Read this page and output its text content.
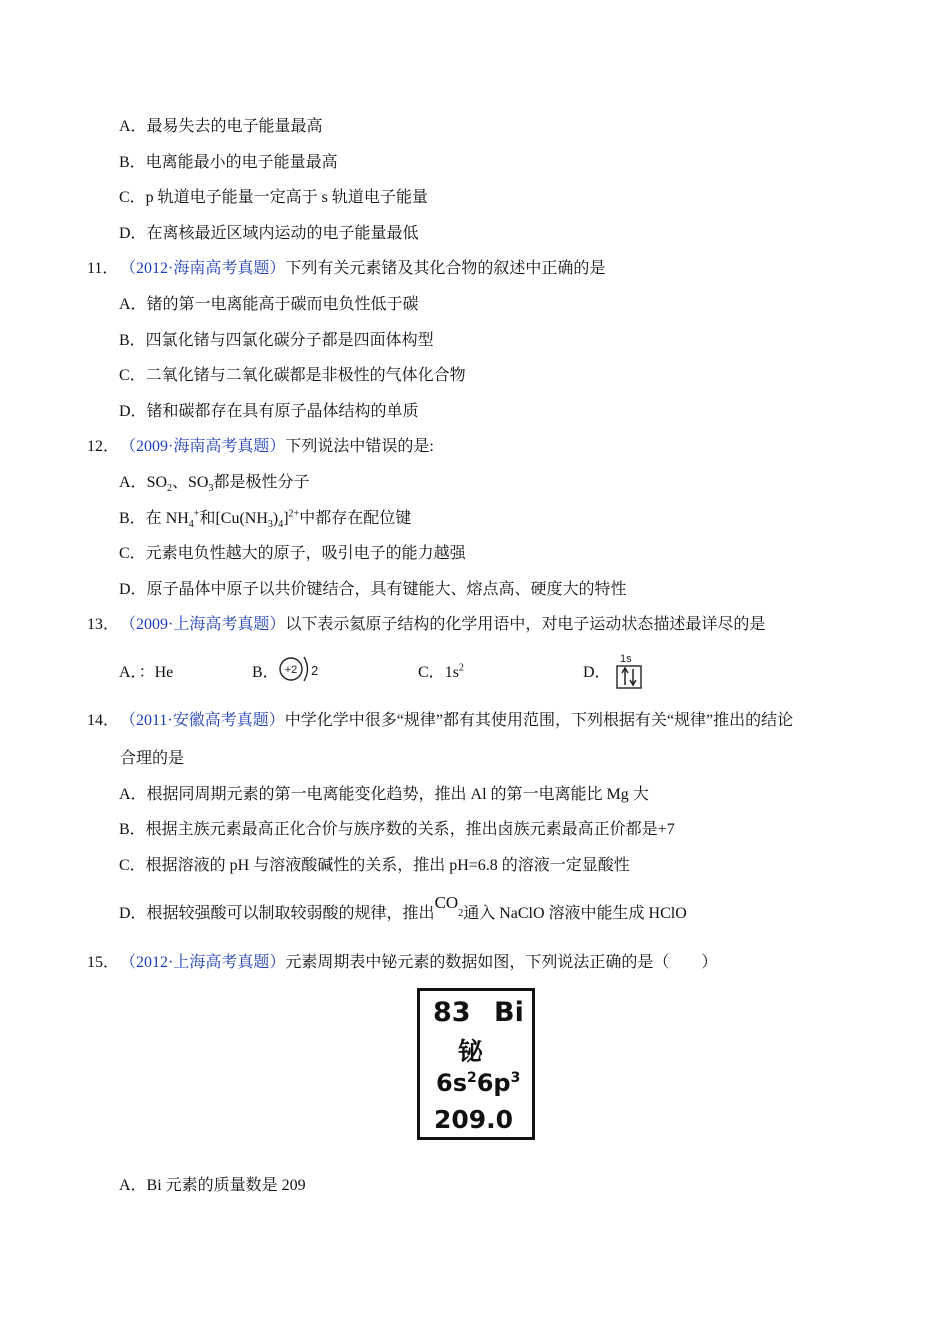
A．最易失去的电子能量最高
B．电离能最小的电子能量最高
C．p 轨道电子能量一定高于 s 轨道电子能量
D．在离核最近区域内运动的电子能量最低
11． （2012·海南高考真题）下列有关元素锗及其化合物的叙述中正确的是
A．锗的第一电离能高于碳而电负性低于碳
B．四氯化锗与四氯化碳分子都是四面体构型
C．二氧化锗与二氧化碳都是非极性的气体化合物
D．锗和碳都存在具有原子晶体结构的单质
12． （2009·海南高考真题）下列说法中错误的是:
A．$SO_2$、$SO_3$都是极性分子
B．在 $NH_4^+$和$[Cu(NH_3)_4]^{2+}$中都存在配位键
C．元素电负性越大的原子，吸引电子的能力越强
D．原子晶体中原子以共价键结合，具有键能大、熔点高、硬度大的特性
13． （2009·上海高考真题）以下表示氦原子结构的化学用语中，对电子运动状态描述最详尽的是
A．：He	B． +2 2	C．$1s^2$	D．
1s
14． （2011·安徽高考真题）中学化学中很多“规律”都有其使用范围，下列根据有关“规律”推出的结论
合理的是
A．根据同周期元素的第一电离能变化趋势，推出 Al 的第一电离能比 Mg 大
B．根据主族元素最高正化合价与族序数的关系，推出卤族元素最高正价都是+7
C．根据溶液的 pH 与溶液酸碱性的关系，推出 pH=6.8 的溶液一定显酸性
D．根据较强酸可以制取较弱酸的规律，推出$CO_2$通入 NaClO 溶液中能生成 HClO
15． （2012·上海高考真题）元素周期表中铋元素的数据如图，下列说法正确的是（　　）
83 Bi
铋
$6s^26p^3$
209.0
A．Bi 元素的质量数是 209
